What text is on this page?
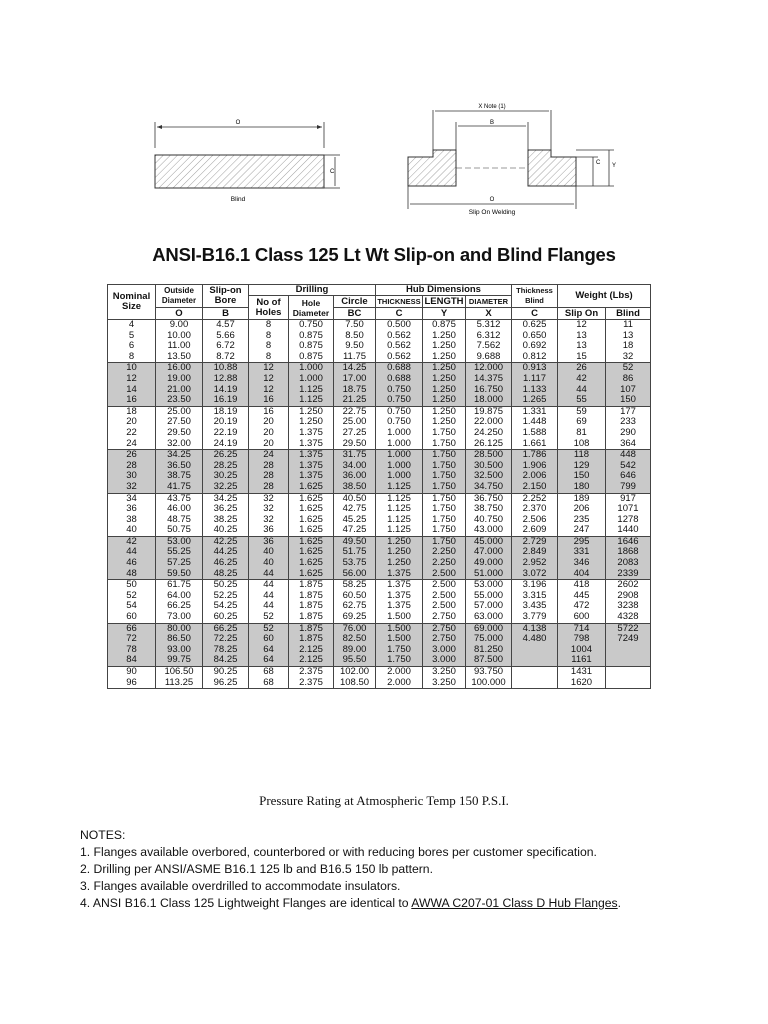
O
C
Blind
X Note (1)
B
C Y
O
Slip On Welding
ANSI-B16.1 Class 125 Lt Wt Slip-on and Blind Flanges
Nominal Size	Outside Diameter	Slip-on Bore	Drilling			Hub Dimensions			Thickness Blind	Weight (Lbs)	
			No of Holes	Hole Diameter	Circle	THICKNESS	LENGTH	DIAMETER			
	O	B			BC	C	Y	X	C	Slip On	Blind
4	9.00	4.57	8	0.750	7.50	0.500	0.875	5.312	0.625	12	11
5	10.00	5.66	8	0.875	8.50	0.562	1.250	6.312	0.650	13	13
6	11.00	6.72	8	0.875	9.50	0.562	1.250	7.562	0.692	13	18
8	13.50	8.72	8	0.875	11.75	0.562	1.250	9.688	0.812	15	32
10	16.00	10.88	12	1.000	14.25	0.688	1.250	12.000	0.913	26	52
12	19.00	12.88	12	1.000	17.00	0.688	1.250	14.375	1.117	42	86
14	21.00	14.19	12	1.125	18.75	0.750	1.250	16.750	1.133	44	107
16	23.50	16.19	16	1.125	21.25	0.750	1.250	18.000	1.265	55	150
18	25.00	18.19	16	1.250	22.75	0.750	1.250	19.875	1.331	59	177
20	27.50	20.19	20	1.250	25.00	0.750	1.250	22.000	1.448	69	233
22	29.50	22.19	20	1.375	27.25	1.000	1.750	24.250	1.588	81	290
24	32.00	24.19	20	1.375	29.50	1.000	1.750	26.125	1.661	108	364
26	34.25	26.25	24	1.375	31.75	1.000	1.750	28.500	1.786	118	448
28	36.50	28.25	28	1.375	34.00	1.000	1.750	30.500	1.906	129	542
30	38.75	30.25	28	1.375	36.00	1.000	1.750	32.500	2.006	150	646
32	41.75	32.25	28	1.625	38.50	1.125	1.750	34.750	2.150	180	799
34	43.75	34.25	32	1.625	40.50	1.125	1.750	36.750	2.252	189	917
36	46.00	36.25	32	1.625	42.75	1.125	1.750	38.750	2.370	206	1071
38	48.75	38.25	32	1.625	45.25	1.125	1.750	40.750	2.506	235	1278
40	50.75	40.25	36	1.625	47.25	1.125	1.750	43.000	2.609	247	1440
42	53.00	42.25	36	1.625	49.50	1.250	1.750	45.000	2.729	295	1646
44	55.25	44.25	40	1.625	51.75	1.250	2.250	47.000	2.849	331	1868
46	57.25	46.25	40	1.625	53.75	1.250	2.250	49.000	2.952	346	2083
48	59.50	48.25	44	1.625	56.00	1.375	2.500	51.000	3.072	404	2339
50	61.75	50.25	44	1.875	58.25	1.375	2.500	53.000	3.196	418	2602
52	64.00	52.25	44	1.875	60.50	1.375	2.500	55.000	3.315	445	2908
54	66.25	54.25	44	1.875	62.75	1.375	2.500	57.000	3.435	472	3238
60	73.00	60.25	52	1.875	69.25	1.500	2.750	63.000	3.779	600	4328
66	80.00	66.25	52	1.875	76.00	1.500	2.750	69.000	4.138	714	5722
72	86.50	72.25	60	1.875	82.50	1.500	2.750	75.000	4.480	798	7249
78	93.00	78.25	64	2.125	89.00	1.750	3.000	81.250		1004	
84	99.75	84.25	64	2.125	95.50	1.750	3.000	87.500		1161	
90	106.50	90.25	68	2.375	102.00	2.000	3.250	93.750		1431	
96	113.25	96.25	68	2.375	108.50	2.000	3.250	100.000		1620	
Pressure Rating at Atmospheric Temp 150 P.S.I.
NOTES:
1. Flanges available overbored, counterbored or with reducing bores per customer specification.
2. Drilling per ANSI/ASME B16.1 125 lb and B16.5 150 lb pattern.
3. Flanges available overdrilled to accommodate insulators.
4. ANSI B16.1 Class 125 Lightweight Flanges are identical to AWWA C207-01 Class D Hub Flanges.
